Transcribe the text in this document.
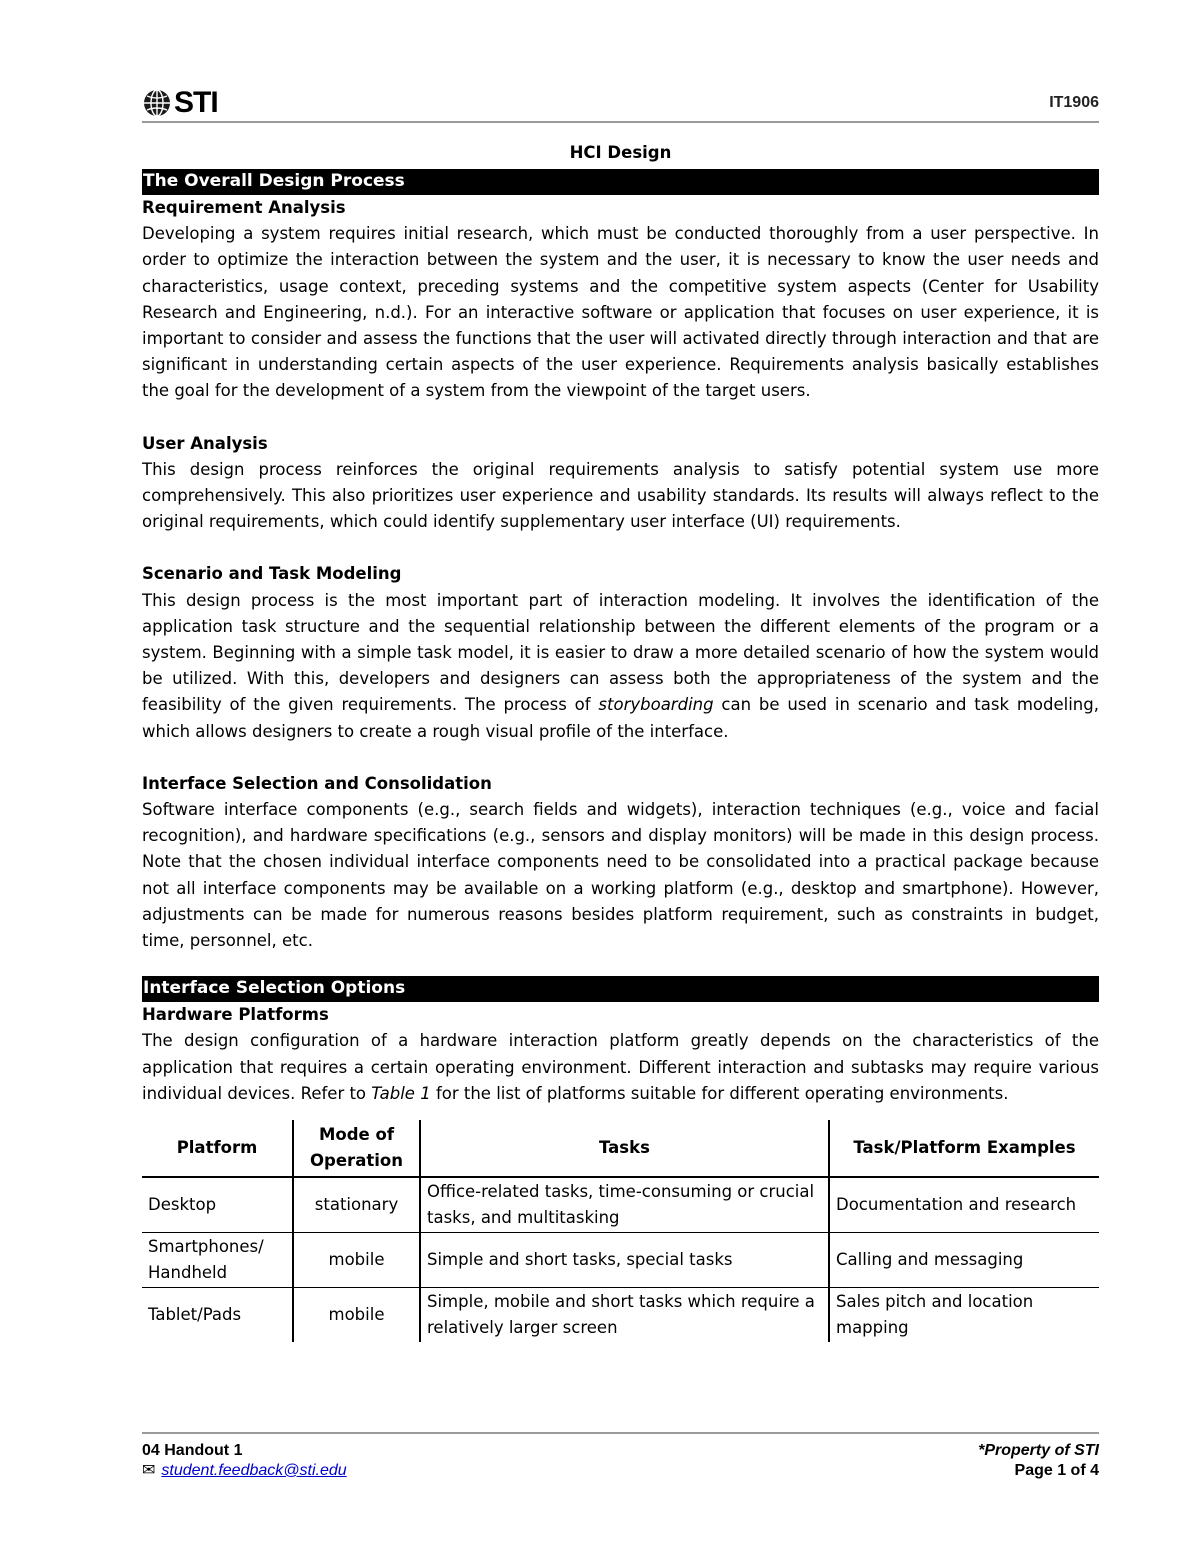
STI	IT1906
HCI Design
The Overall Design Process

Requirement Analysis

Developing a system requires initial research, which must be conducted thoroughly from a user perspective. In order to optimize the interaction between the system and the user, it is necessary to know the user needs and characteristics, usage context, preceding systems and the competitive system aspects (Center for Usability Research and Engineering, n.d.). For an interactive software or application that focuses on user experience, it is important to consider and assess the functions that the user will activated directly through interaction and that are significant in understanding certain aspects of the user experience. Requirements analysis basically establishes the goal for the development of a system from the viewpoint of the target users.

User Analysis

This design process reinforces the original requirements analysis to satisfy potential system use more comprehensively. This also prioritizes user experience and usability standards. Its results will always reflect to the original requirements, which could identify supplementary user interface (UI) requirements.

Scenario and Task Modeling

This design process is the most important part of interaction modeling. It involves the identification of the application task structure and the sequential relationship between the different elements of the program or a system. Beginning with a simple task model, it is easier to draw a more detailed scenario of how the system would be utilized. With this, developers and designers can assess both the appropriateness of the system and the feasibility of the given requirements. The process of storyboarding can be used in scenario and task modeling, which allows designers to create a rough visual profile of the interface.

Interface Selection and Consolidation

Software interface components (e.g., search fields and widgets), interaction techniques (e.g., voice and facial recognition), and hardware specifications (e.g., sensors and display monitors) will be made in this design process. Note that the chosen individual interface components need to be consolidated into a practical package because not all interface components may be available on a working platform (e.g., desktop and smartphone). However, adjustments can be made for numerous reasons besides platform requirement, such as constraints in budget, time, personnel, etc.

Interface Selection Options

Hardware Platforms

The design configuration of a hardware interaction platform greatly depends on the characteristics of the application that requires a certain operating environment. Different interaction and subtasks may require various individual devices. Refer to Table 1 for the list of platforms suitable for different operating environments.

Platform	Mode of Operation	Tasks	Task/Platform Examples
Desktop	stationary	Office-related tasks, time-consuming or crucial tasks, and multitasking	Documentation and research
Smartphones/ Handheld	mobile	Simple and short tasks, special tasks	Calling and messaging
Tablet/Pads	mobile	Simple, mobile and short tasks which require a relatively larger screen	Sales pitch and location mapping
04 Handout 1
✉ student.feedback@sti.edu
*Property of STI
Page 1 of 4
